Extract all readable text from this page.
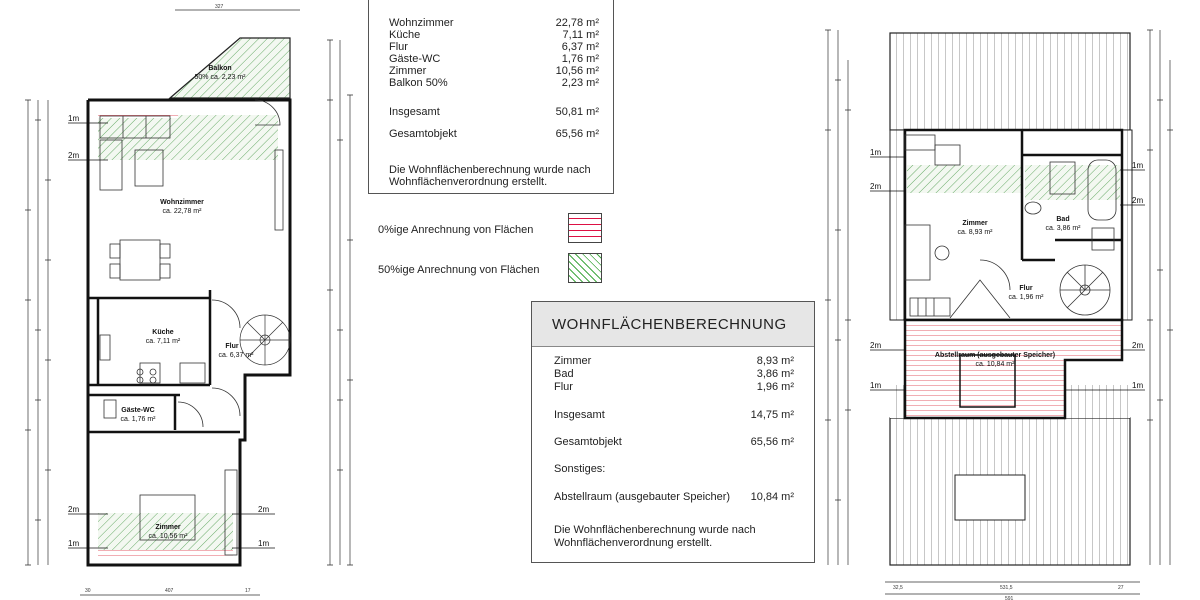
327
30	407	17
1m
2m
2m	2m
1m	1m
Balkon
50% ca. 2,23 m²
Wohnzimmer
ca. 22,78 m²
Küche
ca. 7,11 m²
Flur
ca. 6,37 m²
Gäste-WC
ca. 1,76 m²
Zimmer
ca. 10,56 m²
32,5	531,5	27
591
1m
2m
1m
2m
2m	2m
1m	1m
Zimmer
ca. 8,93 m²
Bad
ca. 3,86 m²
Flur
ca. 1,96 m²
Abstellraum (ausgebauter Speicher)
ca. 10,84 m²
Wohnzimmer	22,78 m²
Küche	7,11 m²
Flur	6,37 m²
Gäste-WC	1,76 m²
Zimmer	10,56 m²
Balkon 50%	2,23 m²
Insgesamt	50,81 m²
Gesamtobjekt	65,56 m²
Die Wohnflächenberechnung wurde nach
Wohnflächenverordnung erstellt.
0%ige Anrechnung von Flächen
50%ige Anrechnung von Flächen
WOHNFLÄCHENBERECHNUNG
Zimmer	8,93 m²
Bad	3,86 m²
Flur	1,96 m²
Insgesamt	14,75 m²
Gesamtobjekt	65,56 m²
Sonstiges:
Abstellraum (ausgebauter Speicher) 10,84 m²
Die Wohnflächenberechnung wurde nach
Wohnflächenverordnung erstellt.
